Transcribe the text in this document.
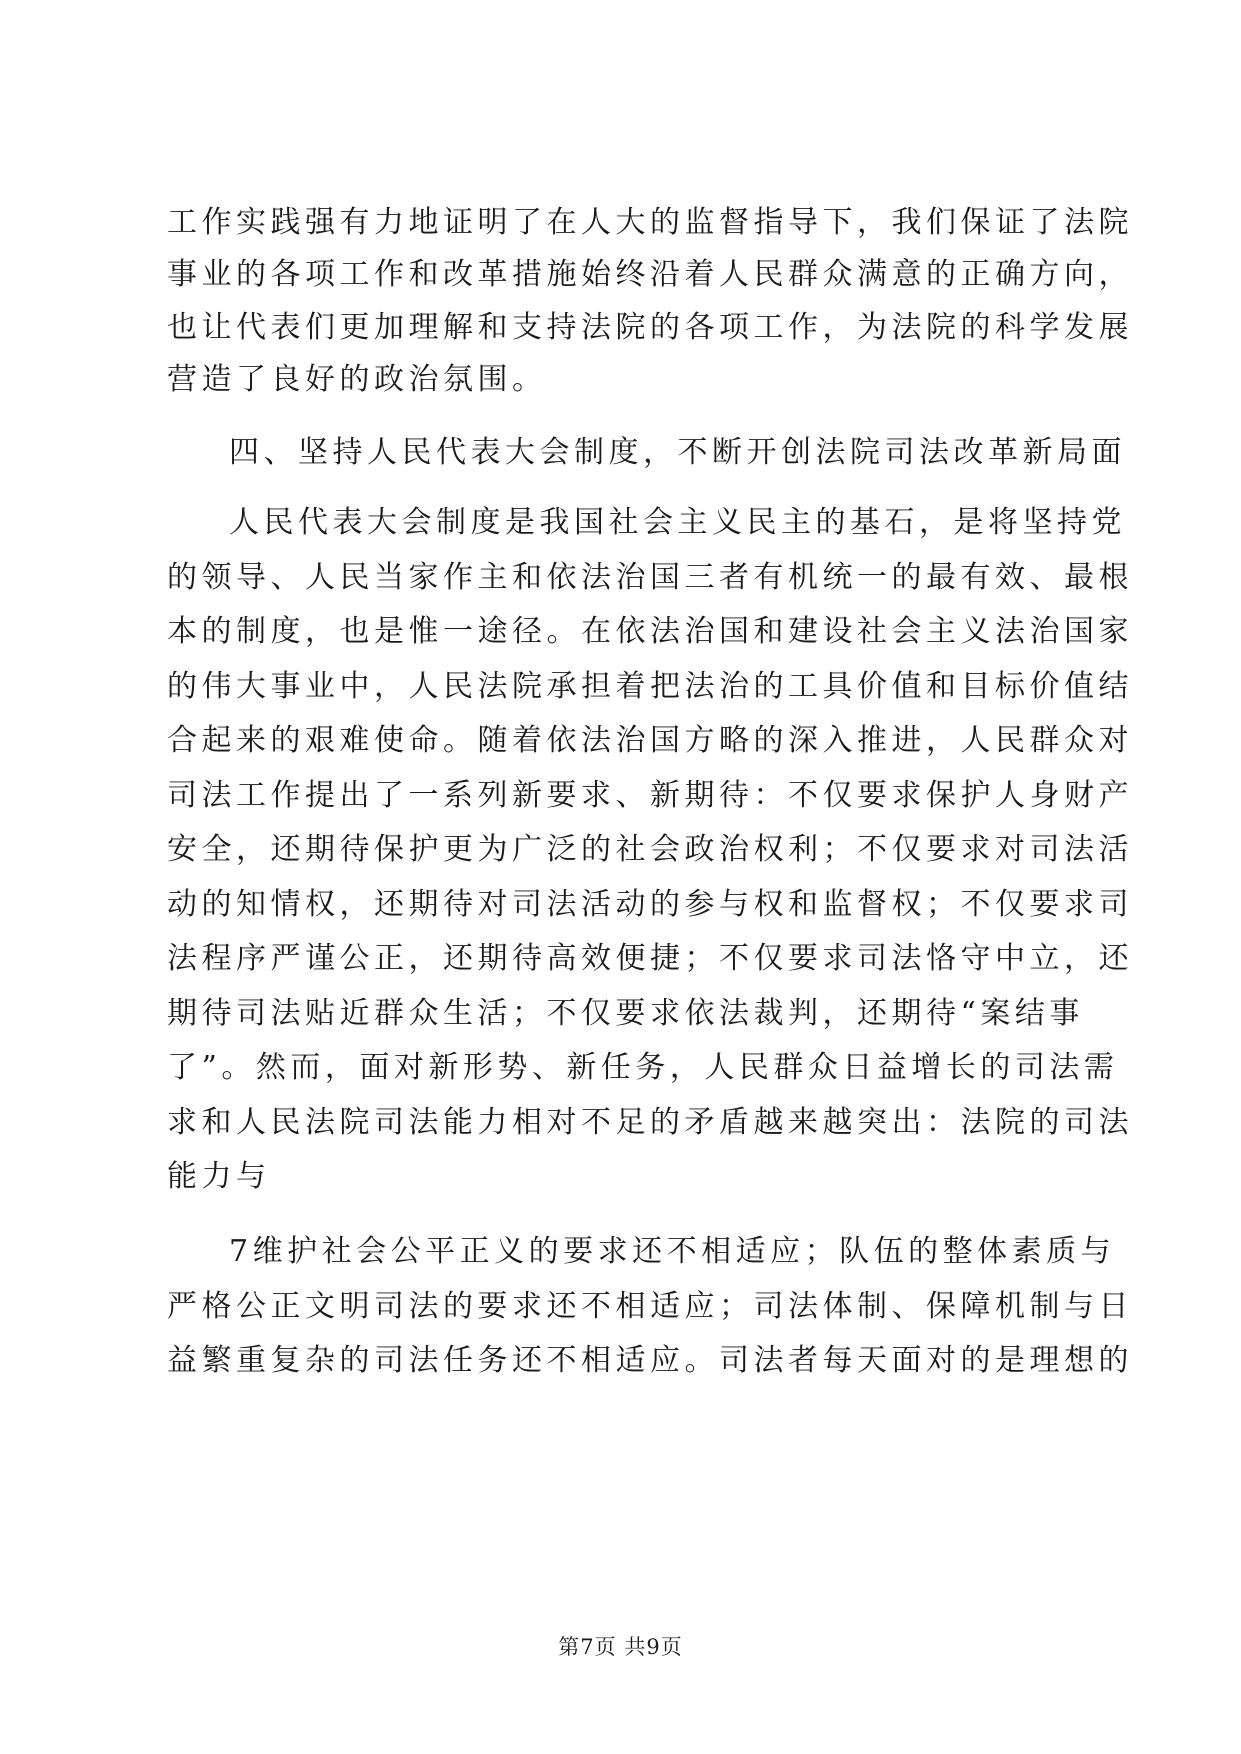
工作实践强有力地证明了在人大的监督指导下，我们保证了法院
事业的各项工作和改革措施始终沿着人民群众满意的正确方向，
也让代表们更加理解和支持法院的各项工作，为法院的科学发展
营造了良好的政治氛围。
四、坚持人民代表大会制度，不断开创法院司法改革新局面
人民代表大会制度是我国社会主义民主的基石，是将坚持党
的领导、人民当家作主和依法治国三者有机统一的最有效、最根
本的制度，也是惟一途径。在依法治国和建设社会主义法治国家
的伟大事业中，人民法院承担着把法治的工具价值和目标价值结
合起来的艰难使命。随着依法治国方略的深入推进，人民群众对
司法工作提出了一系列新要求、新期待：不仅要求保护人身财产
安全，还期待保护更为广泛的社会政治权利；不仅要求对司法活
动的知情权，还期待对司法活动的参与权和监督权；不仅要求司
法程序严谨公正，还期待高效便捷；不仅要求司法恪守中立，还
期待司法贴近群众生活；不仅要求依法裁判，还期待“案结事
了”。然而，面对新形势、新任务，人民群众日益增长的司法需
求和人民法院司法能力相对不足的矛盾越来越突出：法院的司法
能力与
7维护社会公平正义的要求还不相适应；队伍的整体素质与
严格公正文明司法的要求还不相适应；司法体制、保障机制与日
益繁重复杂的司法任务还不相适应。司法者每天面对的是理想的
第7页 共9页
